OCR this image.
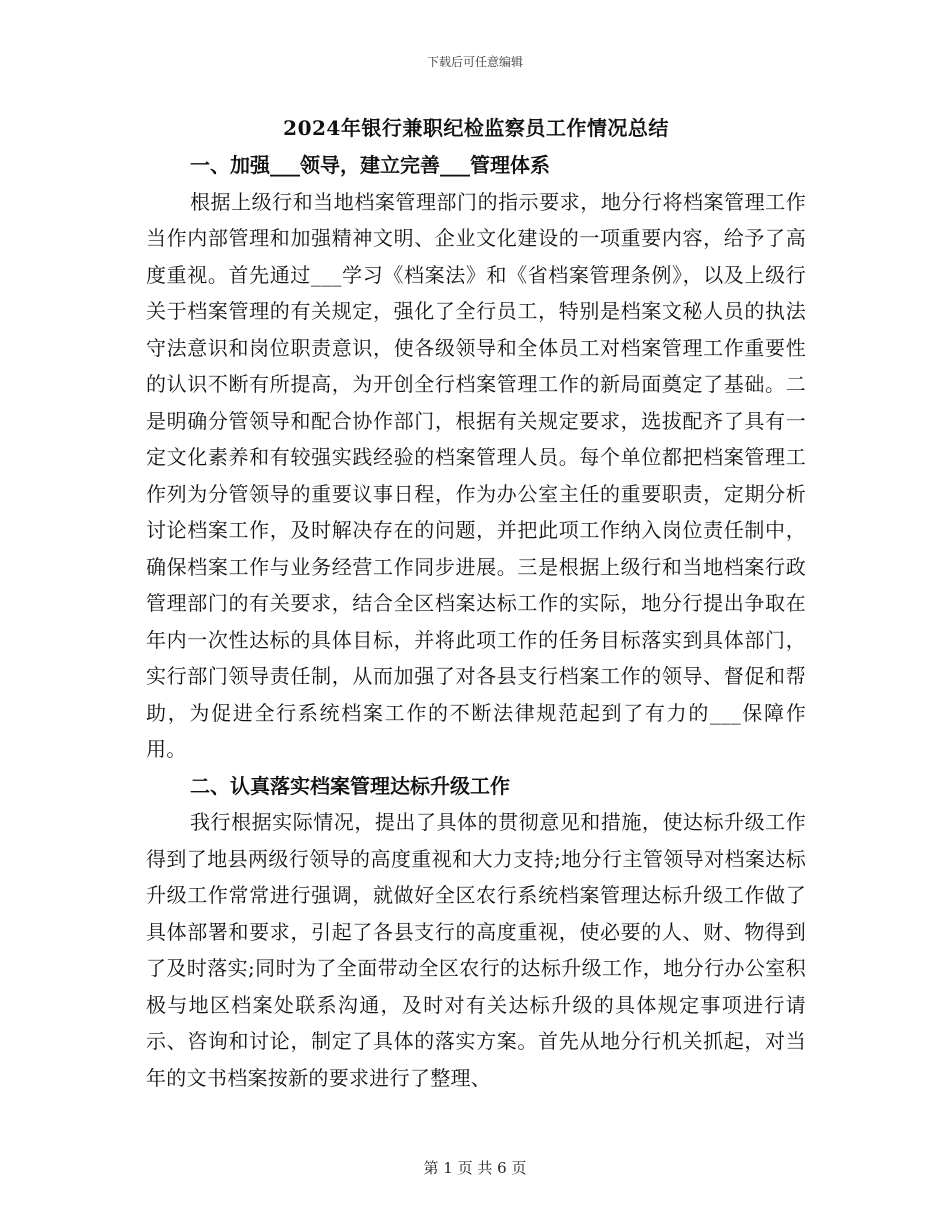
下载后可任意编辑
2024年银行兼职纪检监察员工作情况总结
一、加强___领导，建立完善___管理体系

根据上级行和当地档案管理部门的指示要求，地分行将档案管理工作当作内部管理和加强精神文明、企业文化建设的一项重要内容，给予了高度重视。首先通过___学习《档案法》和《省档案管理条例》，以及上级行关于档案管理的有关规定，强化了全行员工，特别是档案文秘人员的执法守法意识和岗位职责意识，使各级领导和全体员工对档案管理工作重要性的认识不断有所提高，为开创全行档案管理工作的新局面奠定了基础。二是明确分管领导和配合协作部门，根据有关规定要求，选拔配齐了具有一定文化素养和有较强实践经验的档案管理人员。每个单位都把档案管理工作列为分管领导的重要议事日程，作为办公室主任的重要职责，定期分析讨论档案工作，及时解决存在的问题，并把此项工作纳入岗位责任制中，确保档案工作与业务经营工作同步进展。三是根据上级行和当地档案行政管理部门的有关要求，结合全区档案达标工作的实际，地分行提出争取在年内一次性达标的具体目标，并将此项工作的任务目标落实到具体部门，实行部门领导责任制，从而加强了对各县支行档案工作的领导、督促和帮助，为促进全行系统档案工作的不断法律规范起到了有力的___保障作用。

二、认真落实档案管理达标升级工作

我行根据实际情况，提出了具体的贯彻意见和措施，使达标升级工作得到了地县两级行领导的高度重视和大力支持;地分行主管领导对档案达标升级工作常常进行强调，就做好全区农行系统档案管理达标升级工作做了具体部署和要求，引起了各县支行的高度重视，使必要的人、财、物得到了及时落实;同时为了全面带动全区农行的达标升级工作，地分行办公室积极与地区档案处联系沟通，及时对有关达标升级的具体规定事项进行请示、咨询和讨论，制定了具体的落实方案。首先从地分行机关抓起，对当年的文书档案按新的要求进行了整理、

第 1 页 共 6 页
